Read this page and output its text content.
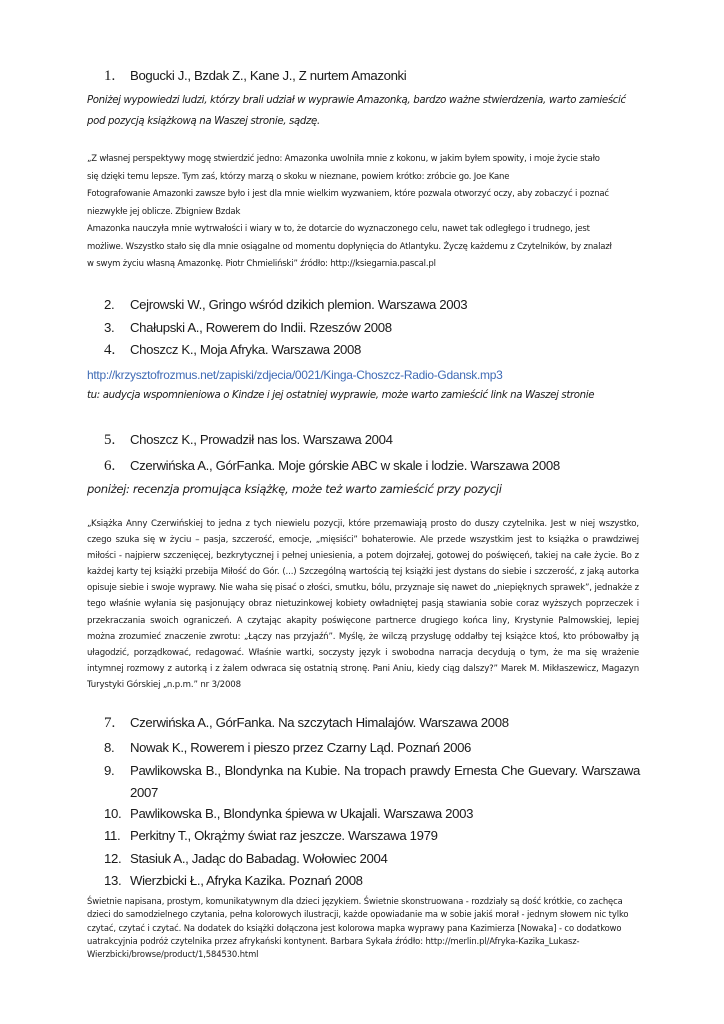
1. Bogucki J., Bzdak Z., Kane J., Z nurtem Amazonki
Poniżej wypowiedzi ludzi, którzy brali udział w wyprawie Amazonką, bardzo ważne stwierdzenia, warto zamieścić
pod pozycją książkową na Waszej stronie, sądzę.
„Z własnej perspektywy mogę stwierdzić jedno: Amazonka uwolniła mnie z kokonu, w jakim byłem spowity, i moje życie stało
się dzięki temu lepsze. Tym zaś, którzy marzą o skoku w nieznane, powiem krótko: zróbcie go. Joe Kane
Fotografowanie Amazonki zawsze było i jest dla mnie wielkim wyzwaniem, które pozwala otworzyć oczy, aby zobaczyć i poznać
niezwykłe jej oblicze. Zbigniew Bzdak
Amazonka nauczyła mnie wytrwałości i wiary w to, że dotarcie do wyznaczonego celu, nawet tak odległego i trudnego, jest
możliwe. Wszystko stało się dla mnie osiągalne od momentu dopłynięcia do Atlantyku. Życzę każdemu z Czytelników, by znalazł
w swym życiu własną Amazonkę. Piotr Chmieliński” źródło: http://ksiegarnia.pascal.pl
2. Cejrowski W., Gringo wśród dzikich plemion. Warszawa 2003
3. Chałupski A., Rowerem do Indii. Rzeszów 2008
4. Choszcz K., Moja Afryka. Warszawa 2008
http://krzysztofrozmus.net/zapiski/zdjecia/0021/Kinga-Choszcz-Radio-Gdansk.mp3
tu: audycja wspomnieniowa o Kindze i jej ostatniej wyprawie, może warto zamieścić link na Waszej stronie
5. Choszcz K., Prowadził nas los. Warszawa 2004
6. Czerwińska A., GórFanka. Moje górskie ABC w skale i lodzie. Warszawa 2008
poniżej: recenzja promująca książkę, może też warto zamieścić przy pozycji
„Książka Anny Czerwińskiej to jedna z tych niewielu pozycji, które przemawiają prosto do duszy czytelnika. Jest w niej wszystko, czego szuka się w życiu – pasja, szczerość, emocje, „mięsiści” bohaterowie. Ale przede wszystkim jest to książka o prawdziwej miłości - najpierw szczenięcej, bezkrytycznej i pełnej uniesienia, a potem dojrzałej, gotowej do poświęceń, takiej na całe życie. Bo z każdej karty tej książki przebija Miłość do Gór. (...) Szczególną wartością tej książki jest dystans do siebie i szczerość, z jaką autorka opisuje siebie i swoje wyprawy. Nie waha się pisać o złości, smutku, bólu, przyznaje się nawet do „niepięknych sprawek”, jednakże z tego właśnie wyłania się pasjonujący obraz nietuzinkowej kobiety owładniętej pasją stawiania sobie coraz wyższych poprzeczek i przekraczania swoich ograniczeń. A czytając akapity poświęcone partnerce drugiego końca liny, Krystynie Palmowskiej, lepiej można zrozumieć znaczenie zwrotu: „Łączy nas przyjaźń”. Myślę, że wilczą przysługę oddałby tej książce ktoś, kto próbowałby ją ułagodzić, porządkować, redagować. Właśnie wartki, soczysty język i swobodna narracja decydują o tym, że ma się wrażenie intymnej rozmowy z autorką i z żalem odwraca się ostatnią stronę. Pani Aniu, kiedy ciąg dalszy?” Marek M. Mikłaszewicz, Magazyn Turystyki Górskiej „n.p.m.” nr 3/2008
7. Czerwińska A., GórFanka. Na szczytach Himalajów. Warszawa 2008
8. Nowak K., Rowerem i pieszo przez Czarny Ląd. Poznań 2006
9. Pawlikowska B., Blondynka na Kubie. Na tropach prawdy Ernesta Che Guevary. Warszawa
2007
10. Pawlikowska B., Blondynka śpiewa w Ukajali. Warszawa 2003
11. Perkitny T., Okrążmy świat raz jeszcze. Warszawa 1979
12. Stasiuk A., Jadąc do Babadag. Wołowiec 2004
13. Wierzbicki Ł., Afryka Kazika. Poznań 2008
Świetnie napisana, prostym, komunikatywnym dla dzieci językiem. Świetnie skonstruowana - rozdziały są dość krótkie, co zachęca dzieci do samodzielnego czytania, pełna kolorowych ilustracji, każde opowiadanie ma w sobie jakiś morał - jednym słowem nic tylko czytać, czytać i czytać. Na dodatek do książki dołączona jest kolorowa mapka wyprawy pana Kazimierza [Nowaka] - co dodatkowo uatrakcyjnia podróż czytelnika przez afrykański kontynent. Barbara Sykała źródło: http://merlin.pl/Afryka-Kazika_Lukasz-Wierzbicki/browse/product/1,584530.html
